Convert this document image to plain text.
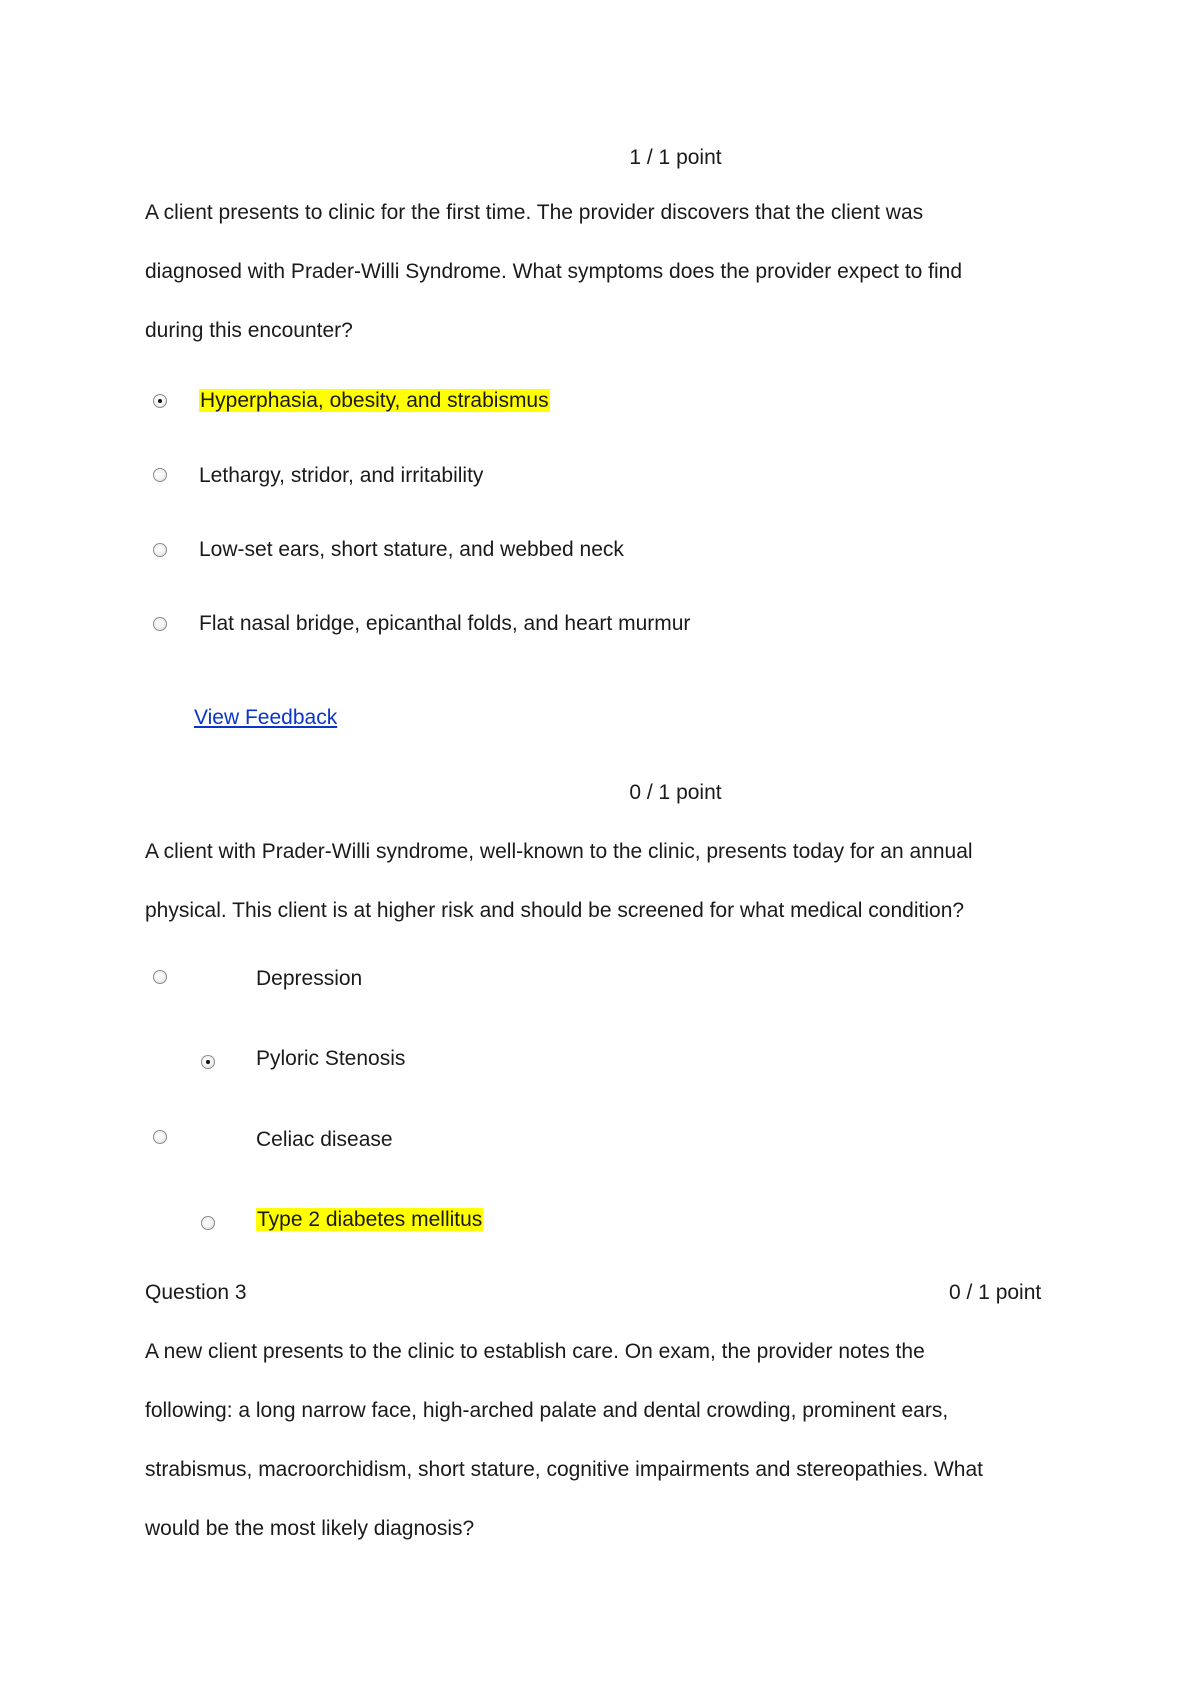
1 / 1 point
A client presents to clinic for the first time. The provider discovers that the client was
diagnosed with Prader-Willi Syndrome. What symptoms does the provider expect to find
during this encounter?
Hyperphasia, obesity, and strabismus
Lethargy, stridor, and irritability
Low-set ears, short stature, and webbed neck
Flat nasal bridge, epicanthal folds, and heart murmur
View Feedback
0 / 1 point
A client with Prader-Willi syndrome, well-known to the clinic, presents today for an annual
physical. This client is at higher risk and should be screened for what medical condition?
Depression
Pyloric Stenosis
Celiac disease
Type 2 diabetes mellitus
Question 3	0 / 1 point
A new client presents to the clinic to establish care. On exam, the provider notes the
following: a long narrow face, high-arched palate and dental crowding, prominent ears,
strabismus, macroorchidism, short stature, cognitive impairments and stereopathies. What
would be the most likely diagnosis?
